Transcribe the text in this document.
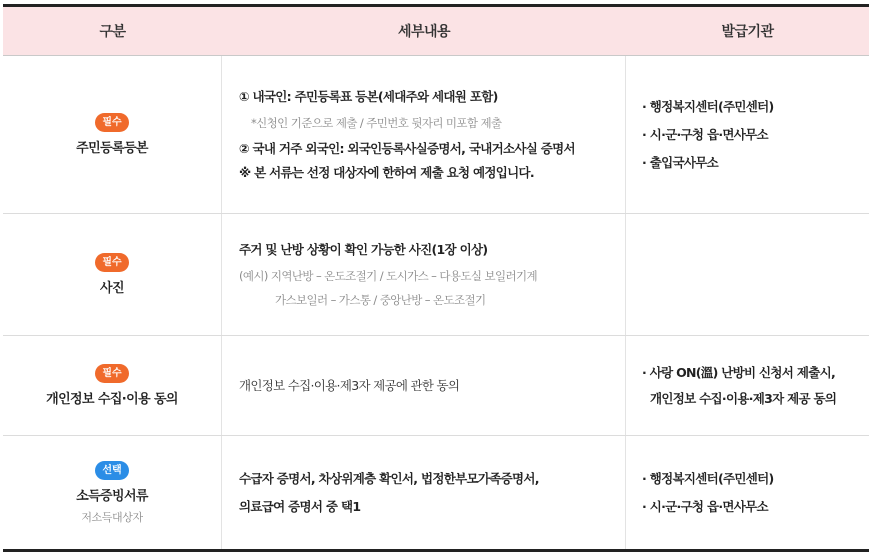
구분	세부내용	발급기관
필수
주민등록등본
① 내국인: 주민등록표 등본(세대주와 세대원 포함)
*신청인 기준으로 제출 / 주민번호 뒷자리 미포함 제출
② 국내 거주 외국인: 외국인등록사실증명서, 국내거소사실 증명서
※ 본 서류는 선정 대상자에 한하여 제출 요청 예정입니다.
· 행정복지센터(주민센터)
· 시·군·구청 읍·면사무소
· 출입국사무소
필수
사진
주거 및 난방 상황이 확인 가능한 사진(1장 이상)
(예시) 지역난방 – 온도조절기 / 도시가스 – 다용도실 보일러기계
가스보일러 – 가스통 / 중앙난방 – 온도조절기
필수
개인정보 수집·이용 동의
개인정보 수집·이용·제3자 제공에 관한 동의
· 사랑 ON(溫) 난방비 신청서 제출시,
개인정보 수집·이용·제3자 제공 동의
선택
소득증빙서류
저소득대상자
수급자 증명서, 차상위계층 확인서, 법정한부모가족증명서,
의료급여 증명서 중 택1
· 행정복지센터(주민센터)
· 시·군·구청 읍·면사무소
